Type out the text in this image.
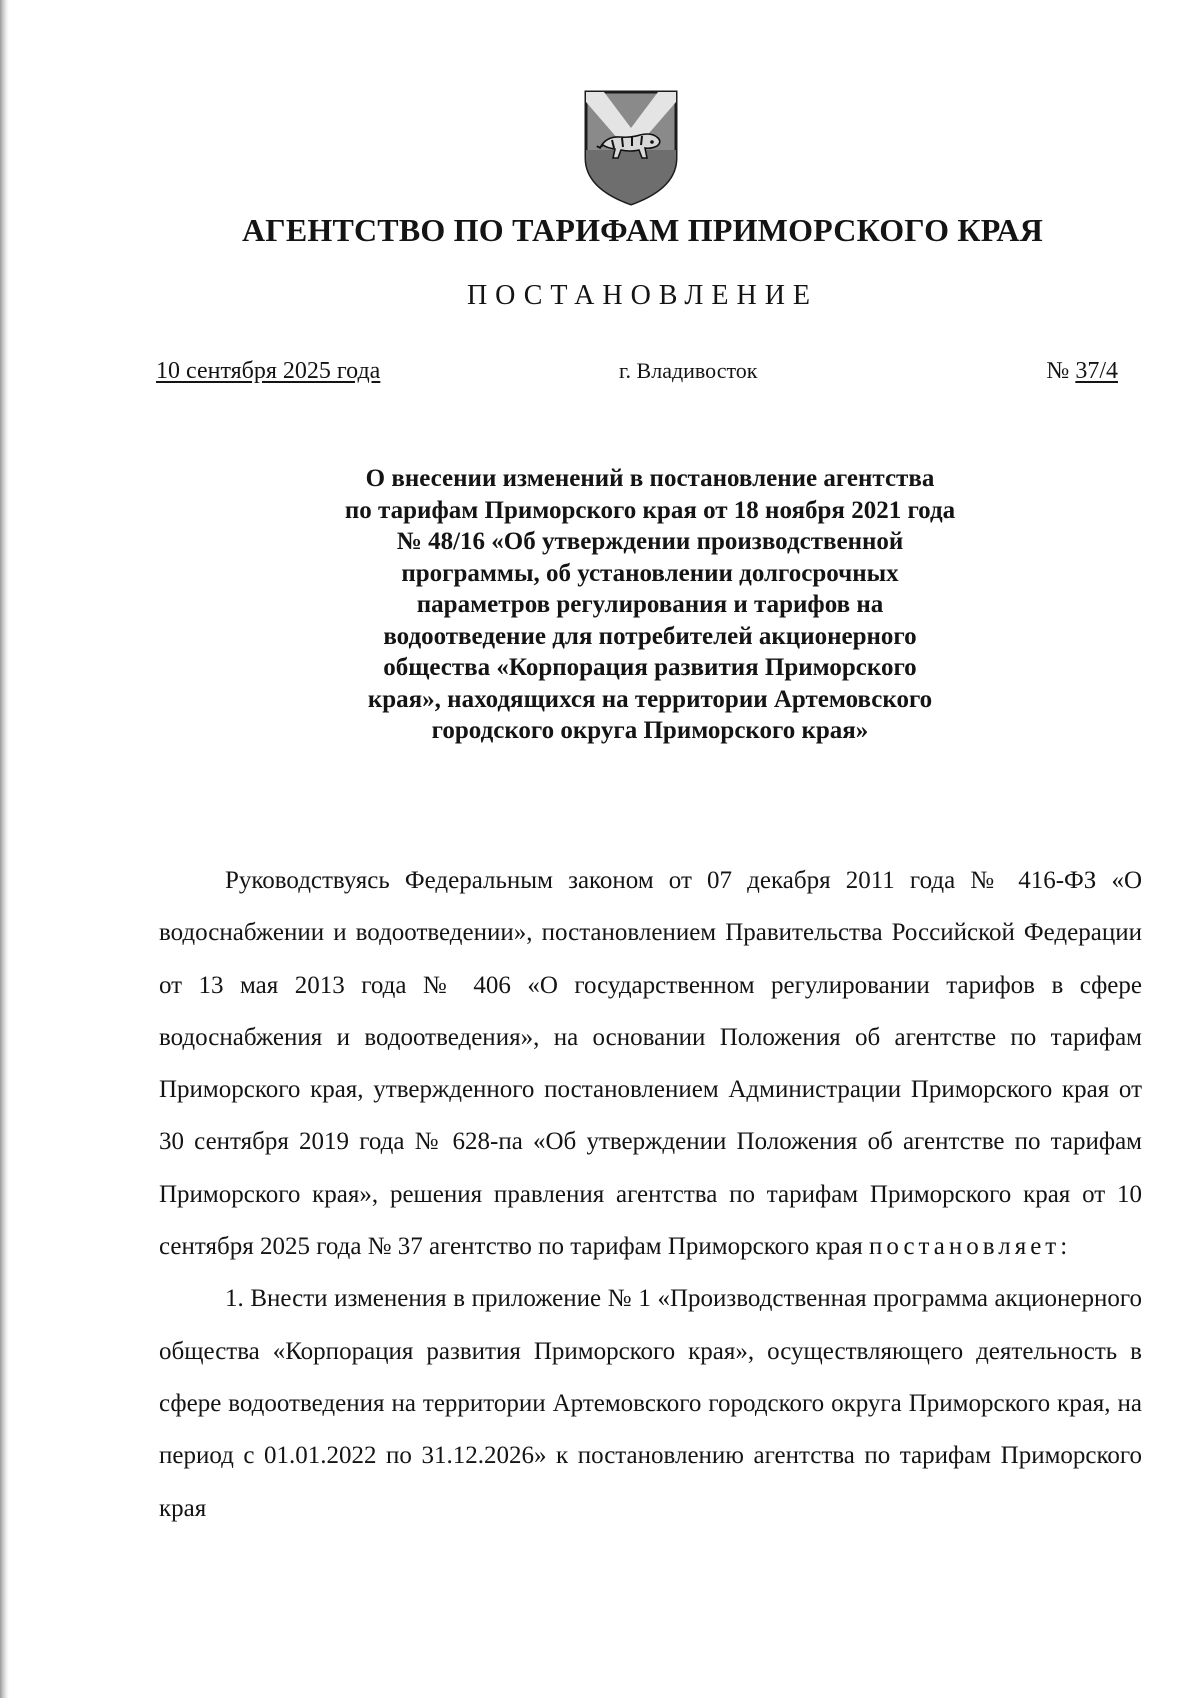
АГЕНТСТВО ПО ТАРИФАМ ПРИМОРСКОГО КРАЯ
ПОСТАНОВЛЕНИЕ
10 сентября 2025 года	г. Владивосток	№ 37/4
О внесении изменений в постановление агентства
по тарифам Приморского края от 18 ноября 2021 года
№ 48/16 «Об утверждении производственной
программы, об установлении долгосрочных
параметров регулирования и тарифов на
водоотведение для потребителей акционерного
общества «Корпорация развития Приморского
края», находящихся на территории Артемовского
городского округа Приморского края»

Руководствуясь Федеральным законом от 07 декабря 2011 года № 416-ФЗ «О водоснабжении и водоотведении», постановлением Правительства Российской Федерации от 13 мая 2013 года № 406 «О государственном регулировании тарифов в сфере водоснабжения и водоотведения», на основании Положения об агентстве по тарифам Приморского края, утвержденного постановлением Администрации Приморского края от 30 сентября 2019 года № 628-па «Об утверждении Положения об агентстве по тарифам Приморского края», решения правления агентства по тарифам Приморского края от 10 сентября 2025 года № 37 агентство по тарифам Приморского края постановляет:

1. Внести изменения в приложение № 1 «Производственная программа акционерного общества «Корпорация развития Приморского края», осуществляющего деятельность в сфере водоотведения на территории Артемовского городского округа Приморского края, на период с 01.01.2022 по 31.12.2026» к постановлению агентства по тарифам Приморского края
